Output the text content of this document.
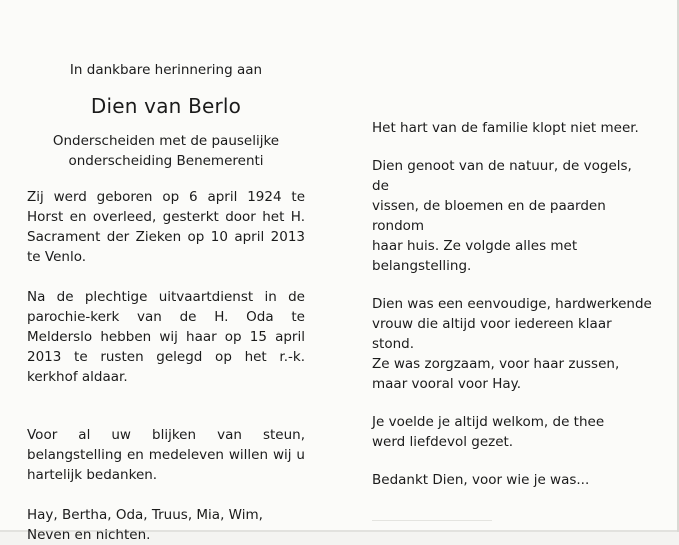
In dankbare herinnering aan

Dien van Berlo

Onderscheiden met de pauselijke
onderscheiding Benemerenti

Zij werd geboren op 6 april 1924 te Horst en overleed, gesterkt door het H. Sacrament der Zieken op 10 april 2013 te Venlo.

Na de plechtige uitvaartdienst in de parochie-kerk van de H. Oda te Melderslo hebben wij haar op 15 april 2013 te rusten gelegd op het r.-k. kerkhof aldaar.

Voor al uw blijken van steun, belangstelling en medeleven willen wij u hartelijk bedanken.

Hay, Bertha, Oda, Truus, Mia, Wim,
Neven en nichten.

Het hart van de familie klopt niet meer.

Dien genoot van de natuur, de vogels, de

vissen, de bloemen en de paarden rondom

haar huis. Ze volgde alles met belangstelling.

Dien was een eenvoudige, hardwerkende

vrouw die altijd voor iedereen klaar stond.

Ze was zorgzaam, voor haar zussen,

maar vooral voor Hay.

Je voelde je altijd welkom, de thee

werd liefdevol gezet.

Bedankt Dien, voor wie je was...
